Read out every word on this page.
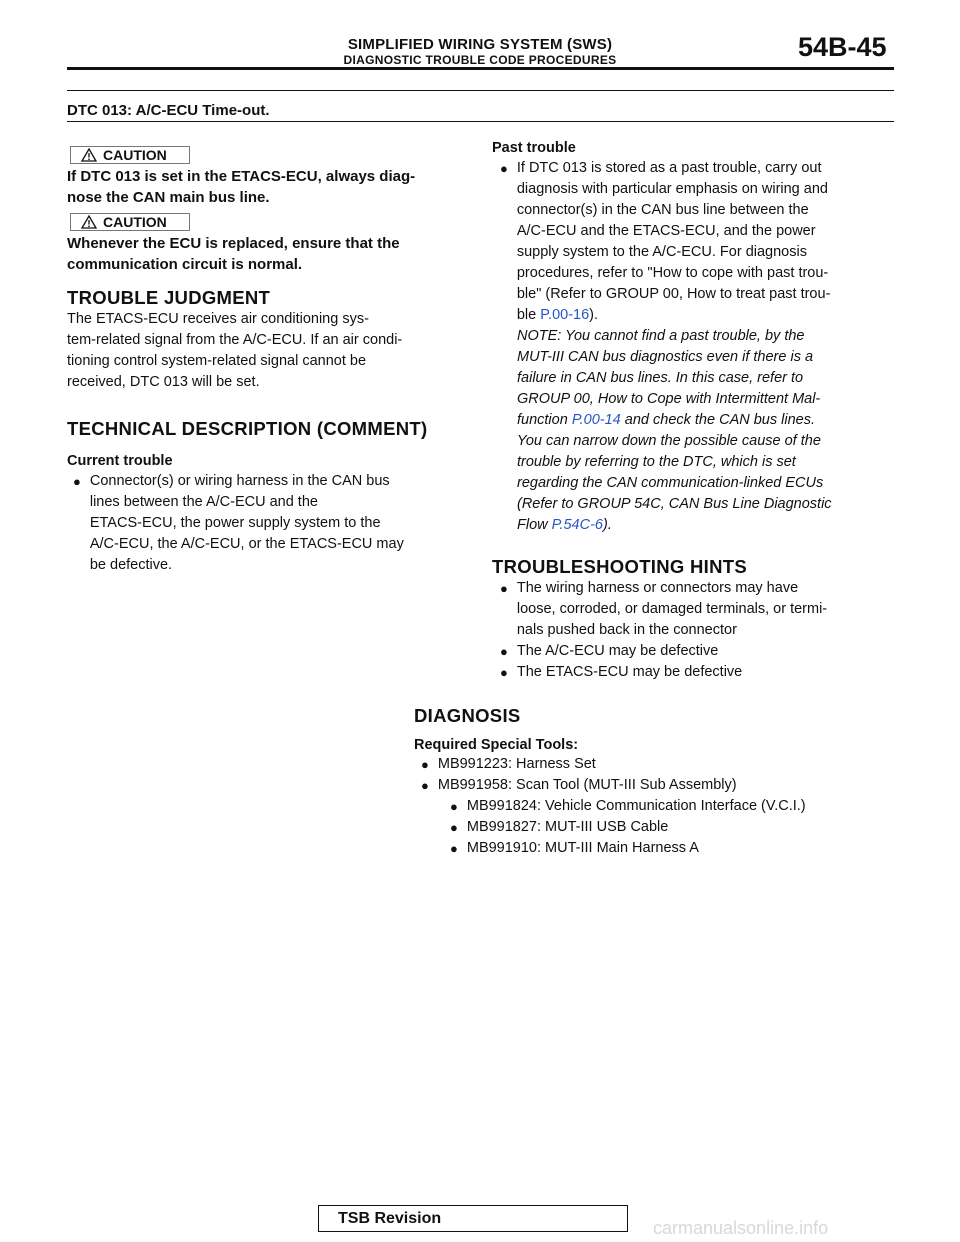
SIMPLIFIED WIRING SYSTEM (SWS)
DIAGNOSTIC TROUBLE CODE PROCEDURES	54B-45
DTC 013: A/C-ECU Time-out.
CAUTION
If DTC 013 is set in the ETACS-ECU, always diag-
nose the CAN main bus line.
CAUTION
Whenever the ECU is replaced, ensure that the
communication circuit is normal.
TROUBLE JUDGMENT
The ETACS-ECU receives air conditioning sys-
tem-related signal from the A/C-ECU. If an air condi-
tioning control system-related signal cannot be
received, DTC 013 will be set.
TECHNICAL DESCRIPTION (COMMENT)
Current trouble
● Connector(s) or wiring harness in the CAN bus
lines between the A/C-ECU and the
ETACS-ECU, the power supply system to the
A/C-ECU, the A/C-ECU, or the ETACS-ECU may
be defective.
Past trouble
● If DTC 013 is stored as a past trouble, carry out
diagnosis with particular emphasis on wiring and
connector(s) in the CAN bus line between the
A/C-ECU and the ETACS-ECU, and the power
supply system to the A/C-ECU. For diagnosis
procedures, refer to "How to cope with past trou-
ble" (Refer to GROUP 00, How to treat past trou-
ble P.00-16).
NOTE: You cannot find a past trouble, by the
MUT-III CAN bus diagnostics even if there is a
failure in CAN bus lines. In this case, refer to
GROUP 00, How to Cope with Intermittent Mal-
function P.00-14 and check the CAN bus lines.
You can narrow down the possible cause of the
trouble by referring to the DTC, which is set
regarding the CAN communication-linked ECUs
(Refer to GROUP 54C, CAN Bus Line Diagnostic
Flow P.54C-6).
TROUBLESHOOTING HINTS
● The wiring harness or connectors may have
loose, corroded, or damaged terminals, or termi-
nals pushed back in the connector
● The A/C-ECU may be defective
● The ETACS-ECU may be defective
DIAGNOSIS
Required Special Tools:
● MB991223: Harness Set
● MB991958: Scan Tool (MUT-III Sub Assembly)
● MB991824: Vehicle Communication Interface (V.C.I.)
● MB991827: MUT-III USB Cable
● MB991910: MUT-III Main Harness A
TSB Revision	carmanualsonline.info
